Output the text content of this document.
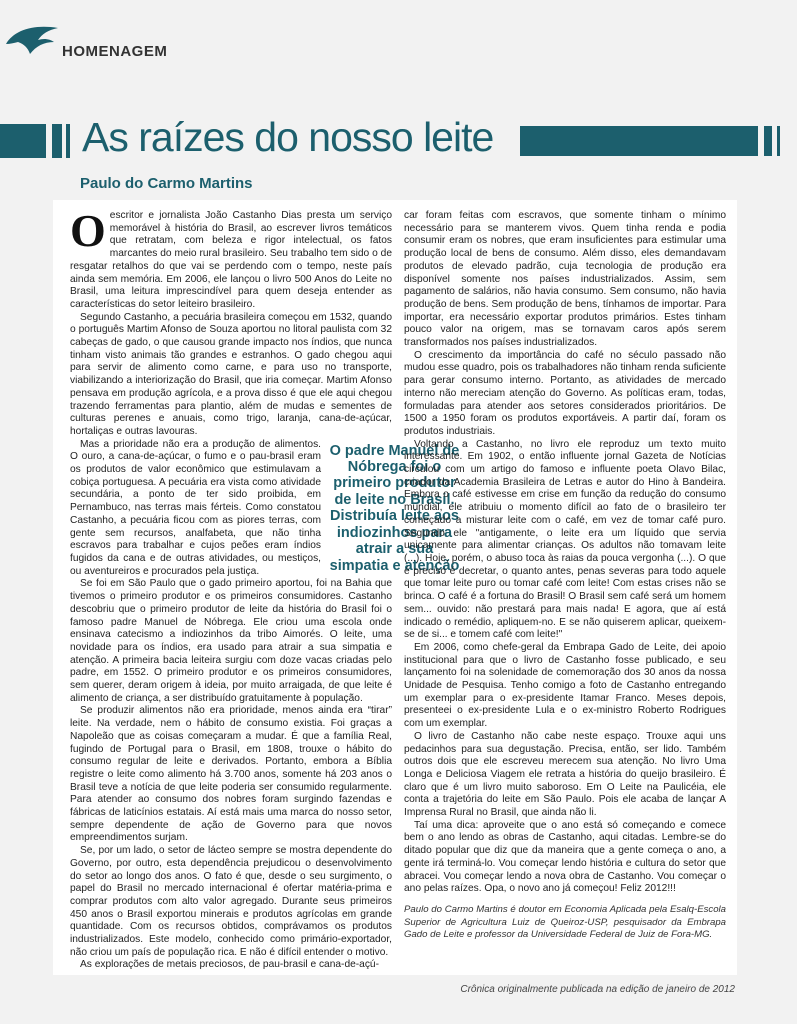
HOMENAGEM
As raízes do nosso leite
Paulo do Carmo Martins

O escritor e jornalista João Castanho Dias presta um serviço memorável à história do Brasil, ao escrever livros temáticos que retratam, com beleza e rigor intelectual, os fatos marcantes do meio rural brasileiro. Seu trabalho tem sido o de resgatar retalhos do que vai se perdendo com o tempo, neste país ainda sem memória. Em 2006, ele lançou o livro 500 Anos do Leite no Brasil, uma leitura imprescindível para quem deseja entender as características do setor leiteiro brasileiro.

Segundo Castanho, a pecuária brasileira começou em 1532, quando o português Martim Afonso de Souza aportou no litoral paulista com 32 cabeças de gado, o que causou grande impacto nos índios, que nunca tinham visto animais tão grandes e estranhos. O gado chegou aqui para servir de alimento como carne, e para uso no transporte, viabilizando a interiorização do Brasil, que iria começar. Martim Afonso pensava em produção agrícola, e a prova disso é que ele aqui chegou trazendo ferramentas para plantio, além de mudas e sementes de culturas perenes e anuais, como trigo, laranja, cana-de-açúcar, hortaliças e outras lavouras.

O padre Manuel de Nóbrega foi o primeiro produtor de leite no Brasil. Distribuía leite aos indiozinhos para atrair a sua simpatia e atenção

Mas a prioridade não era a produção de alimentos. O ouro, a cana-de-açúcar, o fumo e o pau-brasil eram os produtos de valor econômico que estimulavam a cobiça portuguesa. A pecuária era vista como atividade secundária, a ponto de ter sido proibida, em Pernambuco, nas terras mais férteis. Como constatou Castanho, a pecuária ficou com as piores terras, com gente sem recursos, analfabeta, que não tinha escravos para trabalhar e cujos peões eram índios fugidos da cana e de outras atividades, ou mestiços, ou aventureiros e procurados pela justiça.

Se foi em São Paulo que o gado primeiro aportou, foi na Bahia que tivemos o primeiro produtor e os primeiros consumidores. Castanho descobriu que o primeiro produtor de leite da história do Brasil foi o famoso padre Manuel de Nóbrega. Ele criou uma escola onde ensinava catecismo a indiozinhos da tribo Aimorés. O leite, uma novidade para os índios, era usado para atrair a sua simpatia e atenção. A primeira bacia leiteira surgiu com doze vacas criadas pelo padre, em 1552. O primeiro produtor e os primeiros consumidores, sem querer, deram origem à ideia, por muito arraigada, de que leite é alimento de criança, a ser distribuído gratuitamente à população.

Se produzir alimentos não era prioridade, menos ainda era “tirar” leite. Na verdade, nem o hábito de consumo existia. Foi graças a Napoleão que as coisas começaram a mudar. É que a família Real, fugindo de Portugal para o Brasil, em 1808, trouxe o hábito do consumo regular de leite e derivados. Portanto, embora a Bíblia registre o leite como alimento há 3.700 anos, somente há 203 anos o Brasil teve a notícia de que leite poderia ser consumido regularmente. Para atender ao consumo dos nobres foram surgindo fazendas e fábricas de laticínios estatais. Aí está mais uma marca do nosso setor, sempre dependente de ação de Governo para que novos empreendimentos surjam.

Se, por um lado, o setor de lácteo sempre se mostra dependente do Governo, por outro, esta dependência prejudicou o desenvolvimento do setor ao longo dos anos. O fato é que, desde o seu surgimento, o papel do Brasil no mercado internacional é ofertar matéria-prima e comprar produtos com alto valor agregado. Durante seus primeiros 450 anos o Brasil exportou minerais e produtos agrícolas em grande quantidade. Com os recursos obtidos, comprávamos os produtos industrializados. Este modelo, conhecido como primário-exportador, não criou um país de população rica. E não é difícil entender o motivo.

As explorações de metais preciosos, de pau-brasil e cana-de-açú-

car foram feitas com escravos, que somente tinham o mínimo necessário para se manterem vivos. Quem tinha renda e podia consumir eram os nobres, que eram insuficientes para estimular uma produção local de bens de consumo. Além disso, eles demandavam produtos de elevado padrão, cuja tecnologia de produção era disponível somente nos países industrializados. Assim, sem pagamento de salários, não havia consumo. Sem consumo, não havia produção de bens. Sem produção de bens, tínhamos de importar. Para importar, era necessário exportar produtos primários. Estes tinham pouco valor na origem, mas se tornavam caros após serem transformados nos países industrializados.

O crescimento da importância do café no século passado não mudou esse quadro, pois os trabalhadores não tinham renda suficiente para gerar consumo interno. Portanto, as atividades de mercado interno não mereciam atenção do Governo. As políticas eram, todas, formuladas para atender aos setores considerados prioritários. De 1500 a 1950 foram os produtos exportáveis. A partir daí, foram os produtos industriais.

Voltando a Castanho, no livro ele reproduz um texto muito interessante. Em 1902, o então influente jornal Gazeta de Notícias circulou com um artigo do famoso e influente poeta Olavo Bilac, criador da Academia Brasileira de Letras e autor do Hino à Bandeira. Embora o café estivesse em crise em função da redução do consumo mundial, ele atribuiu o momento difícil ao fato de o brasileiro ter começado a misturar leite com o café, em vez de tomar café puro. Segundo ele "antigamente, o leite era um líquido que servia unicamente para alimentar crianças. Os adultos não tomavam leite (...). Hoje, porém, o abuso toca às raias da pouca vergonha (...). O que é preciso é decretar, o quanto antes, penas severas para todo aquele que tomar leite puro ou tomar café com leite! Com estas crises não se brinca. O café é a fortuna do Brasil! O Brasil sem café será um homem sem... ouvido: não prestará para mais nada! E agora, que aí está indicado o remédio, apliquem-no. E se não quiserem aplicar, queixem-se de si... e tomem café com leite!"

Em 2006, como chefe-geral da Embrapa Gado de Leite, dei apoio institucional para que o livro de Castanho fosse publicado, e seu lançamento foi na solenidade de comemoração dos 30 anos da nossa Unidade de Pesquisa. Tenho comigo a foto de Castanho entregando um exemplar para o ex-presidente Itamar Franco. Meses depois, presenteei o ex-presidente Lula e o ex-ministro Roberto Rodrigues com um exemplar.

O livro de Castanho não cabe neste espaço. Trouxe aqui uns pedacinhos para sua degustação. Precisa, então, ser lido. Também outros dois que ele escreveu merecem sua atenção. No livro Uma Longa e Deliciosa Viagem ele retrata a história do queijo brasileiro. É claro que é um livro muito saboroso. Em O Leite na Paulicéia, ele conta a trajetória do leite em São Paulo. Pois ele acaba de lançar A Imprensa Rural no Brasil, que ainda não li.

Taí uma dica: aproveite que o ano está só começando e comece bem o ano lendo as obras de Castanho, aqui citadas. Lembre-se do ditado popular que diz que da maneira que a gente começa o ano, a gente irá terminá-lo. Vou começar lendo história e cultura do setor que abracei. Vou começar lendo a nova obra de Castanho. Vou começar o ano pelas raízes. Opa, o novo ano já começou! Feliz 2012!!!

Paulo do Carmo Martins é doutor em Economia Aplicada pela Esalq-Escola Superior de Agricultura Luiz de Queiroz-USP, pesquisador da Embrapa Gado de Leite e professor da Universidade Federal de Juiz de Fora-MG.

Crônica originalmente publicada na edição de janeiro de 2012
